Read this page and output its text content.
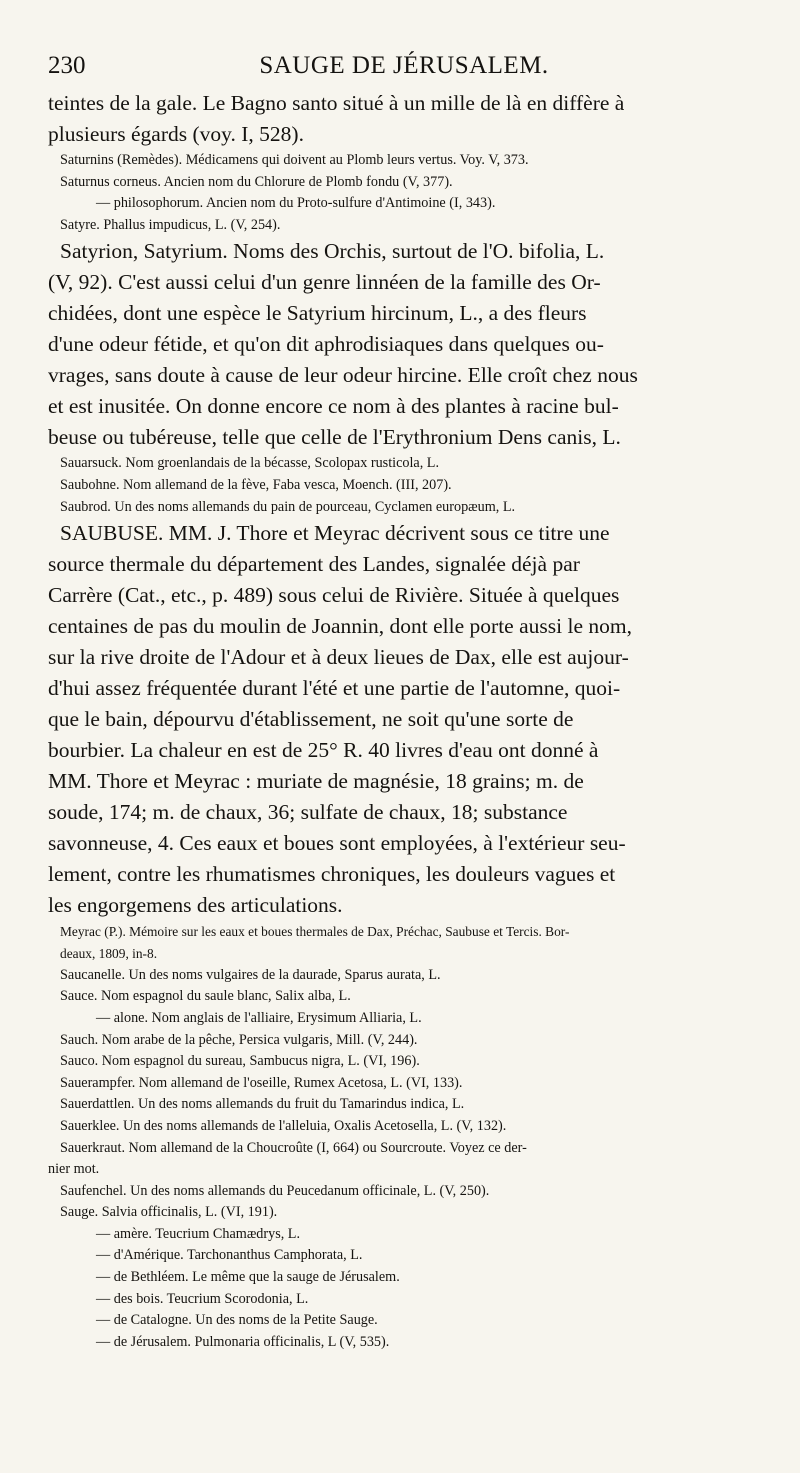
230	SAUGE DE JÉRUSALEM.

teintes de la gale. Le Bagno santo situé à un mille de là en diffère à

plusieurs égards (voy. I, 528).

Saturnins (Remèdes). Médicamens qui doivent au Plomb leurs vertus. Voy. V, 373.

Saturnus corneus. Ancien nom du Chlorure de Plomb fondu (V, 377).

— philosophorum. Ancien nom du Proto-sulfure d'Antimoine (I, 343).

Satyre. Phallus impudicus, L. (V, 254).

Satyrion, Satyrium. Noms des Orchis, surtout de l'O. bifolia, L.

(V, 92). C'est aussi celui d'un genre linnéen de la famille des Or-

chidées, dont une espèce le Satyrium hircinum, L., a des fleurs

d'une odeur fétide, et qu'on dit aphrodisiaques dans quelques ou-

vrages, sans doute à cause de leur odeur hircine. Elle croît chez nous

et est inusitée. On donne encore ce nom à des plantes à racine bul-

beuse ou tubéreuse, telle que celle de l'Erythronium Dens canis, L.

Sauarsuck. Nom groenlandais de la bécasse, Scolopax rusticola, L.

Saubohne. Nom allemand de la fève, Faba vesca, Moench. (III, 207).

Saubrod. Un des noms allemands du pain de pourceau, Cyclamen europæum, L.

SAUBUSE. MM. J. Thore et Meyrac décrivent sous ce titre une

source thermale du département des Landes, signalée déjà par

Carrère (Cat., etc., p. 489) sous celui de Rivière. Située à quelques

centaines de pas du moulin de Joannin, dont elle porte aussi le nom,

sur la rive droite de l'Adour et à deux lieues de Dax, elle est aujour-

d'hui assez fréquentée durant l'été et une partie de l'automne, quoi-

que le bain, dépourvu d'établissement, ne soit qu'une sorte de

bourbier. La chaleur en est de 25° R. 40 livres d'eau ont donné à

MM. Thore et Meyrac : muriate de magnésie, 18 grains; m. de

soude, 174; m. de chaux, 36; sulfate de chaux, 18; substance

savonneuse, 4. Ces eaux et boues sont employées, à l'extérieur seu-

lement, contre les rhumatismes chroniques, les douleurs vagues et

les engorgemens des articulations.

Meyrac (P.). Mémoire sur les eaux et boues thermales de Dax, Préchac, Saubuse et Tercis. Bor-

deaux, 1809, in-8.

Saucanelle. Un des noms vulgaires de la daurade, Sparus aurata, L.

Sauce. Nom espagnol du saule blanc, Salix alba, L.

— alone. Nom anglais de l'alliaire, Erysimum Alliaria, L.

Sauch. Nom arabe de la pêche, Persica vulgaris, Mill. (V, 244).

Sauco. Nom espagnol du sureau, Sambucus nigra, L. (VI, 196).

Sauerampfer. Nom allemand de l'oseille, Rumex Acetosa, L. (VI, 133).

Sauerdattlen. Un des noms allemands du fruit du Tamarindus indica, L.

Sauerklee. Un des noms allemands de l'alleluia, Oxalis Acetosella, L. (V, 132).

Sauerkraut. Nom allemand de la Choucroûte (I, 664) ou Sourcroute. Voyez ce der-

nier mot.

Saufenchel. Un des noms allemands du Peucedanum officinale, L. (V, 250).

Sauge. Salvia officinalis, L. (VI, 191).

— amère. Teucrium Chamædrys, L.

— d'Amérique. Tarchonanthus Camphorata, L.

— de Bethléem. Le même que la sauge de Jérusalem.

— des bois. Teucrium Scorodonia, L.

— de Catalogne. Un des noms de la Petite Sauge.

— de Jérusalem. Pulmonaria officinalis, L (V, 535).
